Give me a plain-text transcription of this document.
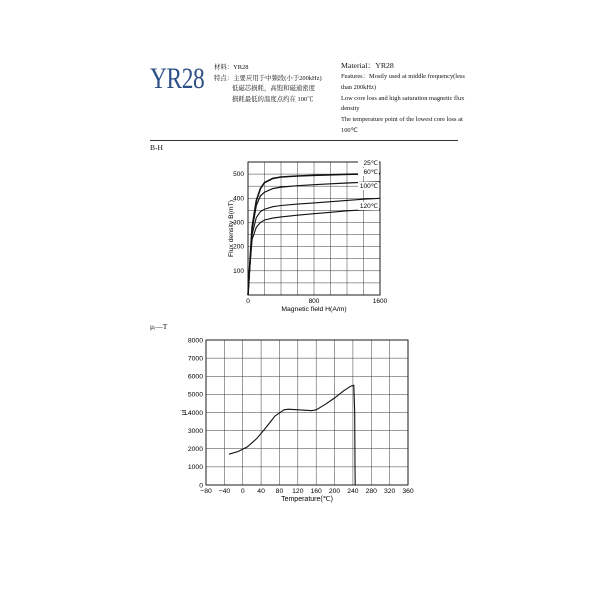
YR28 材料：YR28
特点：主要应用于中频段(小于200kHz)
低磁芯损耗，高饱和磁通密度
损耗最低的温度点约在 100℃
Material：YR28
Features：Mostly used at middle frequency(less
than 200kHz)
Low core loss and high saturation magnetic flux
density
The temperature point of the lowest core loss at
100℃
B-H
μᵢ—T
100
200
300
400
500
0	800	1600
Magnetic field H(A/m)
Flux density B(mT)
25℃
60℃
100℃
120℃
0
1000
2000
3000
4000
5000
6000
7000
8000
−80 −40 0 40 80 120 160 200 240 280 320 360
Temperature(℃)
μi
